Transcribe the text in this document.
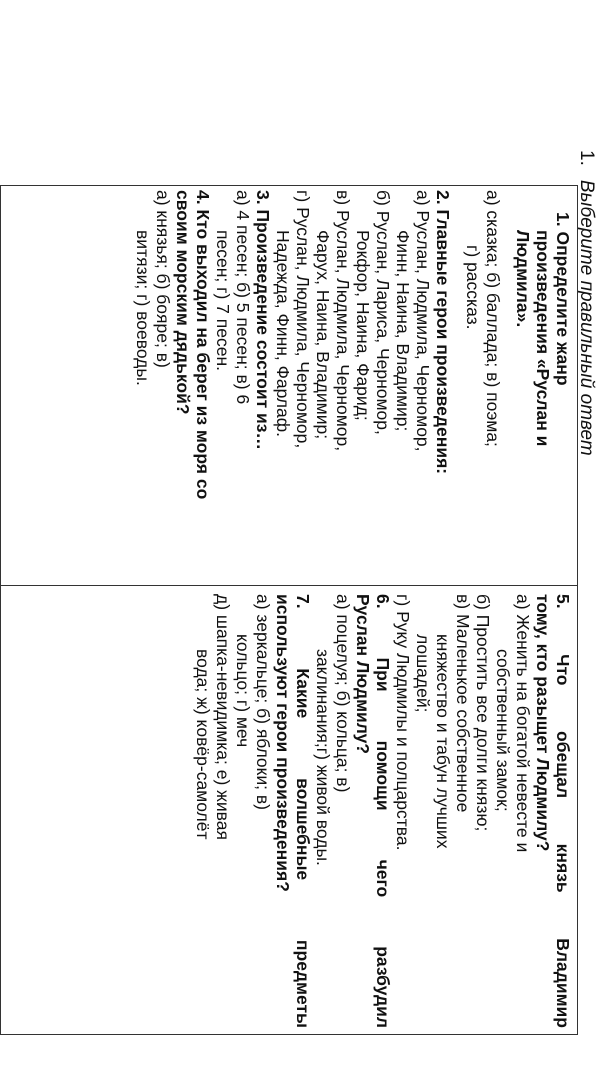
1.Выберите правильный ответ
1. Определите жанр
произведения «Руслан и
Людмила».
а) сказка; б) баллада; в) поэма;
г) рассказ.
2. Главные герои произведения:
а) Руслан, Людмила, Черномор,
Финн, Наина, Владимир;
б) Руслан, Лариса, Черномор,
Рокфор, Наина, Фарид;
в) Руслан, Людмила, Черномор,
Фарух, Наина, Владимир;
г) Руслан, Людмила, Черномор,
Надежда, Финн, Фарлаф.
3. Произведение состоит из…
а) 4 песен; б) 5 песен; в) 6
песен; г) 7 песен.
4. Кто выходил на берег из моря со
своим морским дядькой?
а) князья; б) бояре; в)
витязи; г) воеводы.
5. Что обещал князь Владимир
тому, кто разыщет Людмилу?
а) Женить на богатой невесте и
собственный замок;
б) Простить все долги князю;
в) Маленькое собственное
княжество и табун лучших
лошадей;
г) Руку Людмилы и полцарства.
6. При помощи чего разбудил
Руслан Людмилу?
а) поцелуя; б) кольца; в)
заклинания;г) живой воды.
7. Какие волшебные предметы
используют герои произведения?
а) зеркальце; б) яблоки; в)
кольцо; г) меч
д) шапка-невидимка; е) живая
вода; ж) ковёр-самолёт
